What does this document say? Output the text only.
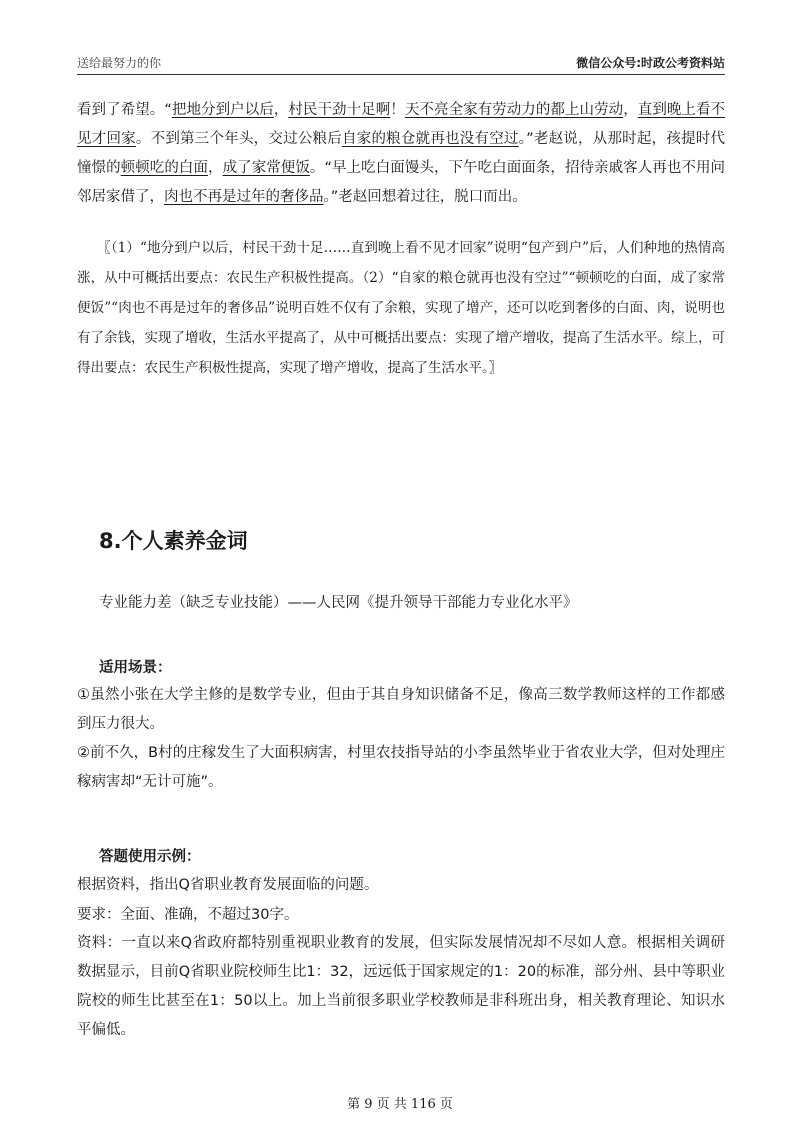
送给最努力的你	微信公众号:时政公考资料站
看到了希望。“把地分到户以后，村民干劲十足啊！天不亮全家有劳动力的都上山劳动，直到晚上看不见才回家。不到第三个年头，交过公粮后自家的粮仓就再也没有空过。”老赵说，从那时起，孩提时代憧憬的顿顿吃的白面，成了家常便饭。“早上吃白面馒头，下午吃白面面条，招待亲戚客人再也不用问邻居家借了，肉也不再是过年的奢侈品。”老赵回想着过往，脱口而出。
〖（1）“地分到户以后，村民干劲十足……直到晚上看不见才回家”说明“包产到户”后，人们种地的热情高涨，从中可概括出要点：农民生产积极性提高。（2）“自家的粮仓就再也没有空过”“顿顿吃的白面，成了家常便饭”“肉也不再是过年的奢侈品”说明百姓不仅有了余粮，实现了增产，还可以吃到奢侈的白面、肉，说明也有了余钱，实现了增收，生活水平提高了，从中可概括出要点：实现了增产增收，提高了生活水平。综上，可得出要点：农民生产积极性提高，实现了增产增收，提高了生活水平。〗
8.个人素养金词
专业能力差（缺乏专业技能）——人民网《提升领导干部能力专业化水平》
适用场景：
①虽然小张在大学主修的是数学专业，但由于其自身知识储备不足，像高三数学教师这样的工作都感到压力很大。
②前不久，B村的庄稼发生了大面积病害，村里农技指导站的小李虽然毕业于省农业大学，但对处理庄稼病害却“无计可施”。
答题使用示例：
根据资料，指出Q省职业教育发展面临的问题。
要求：全面、准确，不超过30字。
资料：一直以来Q省政府都特别重视职业教育的发展，但实际发展情况却不尽如人意。根据相关调研数据显示，目前Q省职业院校师生比1：32，远远低于国家规定的1：20的标准，部分州、县中等职业院校的师生比甚至在1：50以上。加上当前很多职业学校教师是非科班出身，相关教育理论、知识水平偏低。
第 9 页 共 116 页
